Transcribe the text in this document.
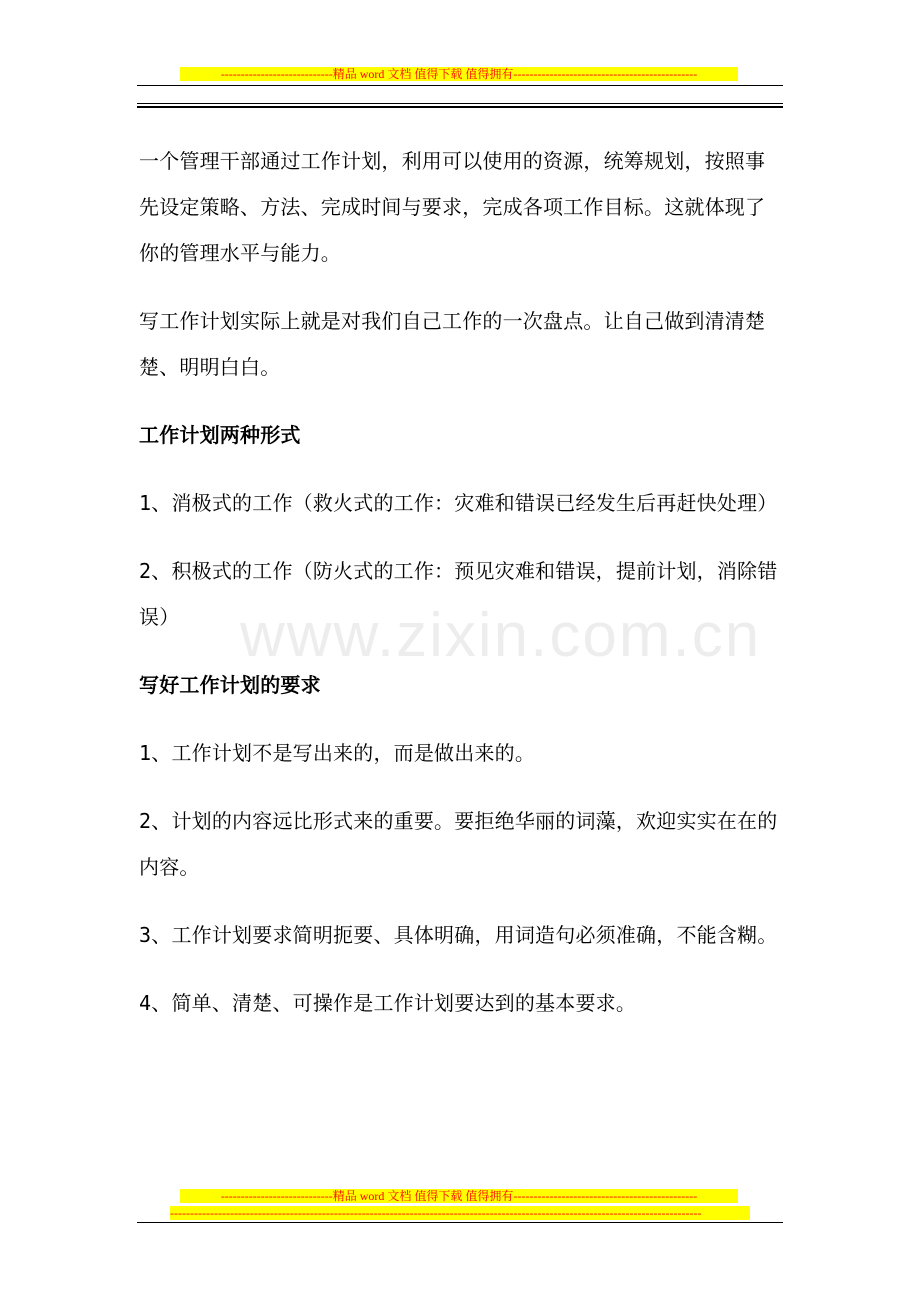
----------------------------精品 word 文档 值得下载 值得拥有----------------------------------------------
www.zixin.com.cn

一个管理干部通过工作计划，利用可以使用的资源，统筹规划，按照事先设定策略、方法、完成时间与要求，完成各项工作目标。这就体现了你的管理水平与能力。

写工作计划实际上就是对我们自己工作的一次盘点。让自己做到清清楚楚、明明白白。

工作计划两种形式

1、消极式的工作（救火式的工作：灾难和错误已经发生后再赶快处理）

2、积极式的工作（防火式的工作：预见灾难和错误，提前计划，消除错误）

写好工作计划的要求

1、工作计划不是写出来的，而是做出来的。

2、计划的内容远比形式来的重要。要拒绝华丽的词藻，欢迎实实在在的内容。

3、工作计划要求简明扼要、具体明确，用词造句必须准确，不能含糊。

4、简单、清楚、可操作是工作计划要达到的基本要求。

----------------------------精品 word 文档 值得下载 值得拥有----------------------------------------------
-------------------------------------------------------------------------------------------------------------------------------------
